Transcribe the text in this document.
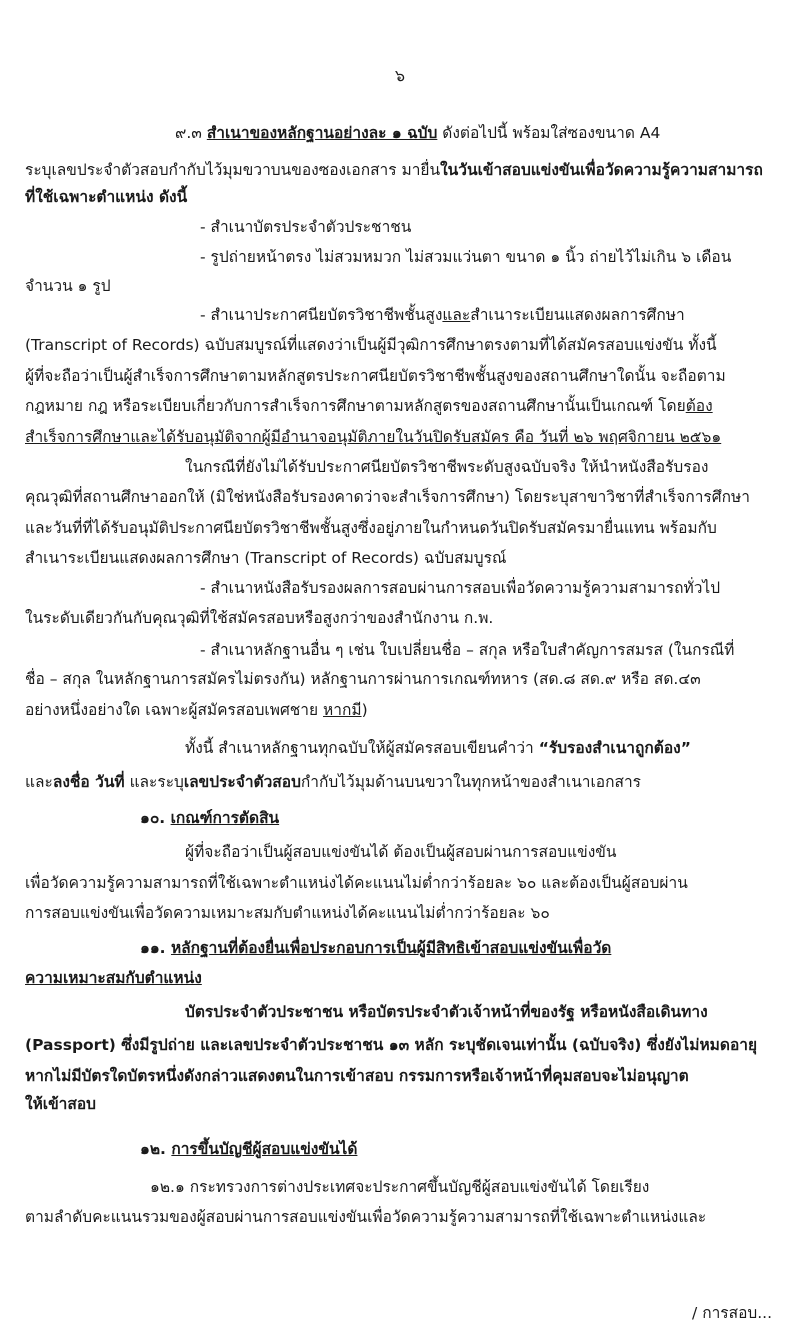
๖
๙.๓ สำเนาของหลักฐานอย่างละ ๑ ฉบับ ดังต่อไปนี้ พร้อมใส่ซองขนาด A4
ระบุเลขประจำตัวสอบกำกับไว้มุมขวาบนของซองเอกสาร มายื่นในวันเข้าสอบแข่งขันเพื่อวัดความรู้ความสามารถ
ที่ใช้เฉพาะตำแหน่ง ดังนี้
- สำเนาบัตรประจำตัวประชาชน
- รูปถ่ายหน้าตรง ไม่สวมหมวก ไม่สวมแว่นตา ขนาด ๑ นิ้ว ถ่ายไว้ไม่เกิน ๖ เดือน
จำนวน ๑ รูป
- สำเนาประกาศนียบัตรวิชาชีพชั้นสูงและสำเนาระเบียนแสดงผลการศึกษา
(Transcript of Records) ฉบับสมบูรณ์ที่แสดงว่าเป็นผู้มีวุฒิการศึกษาตรงตามที่ได้สมัครสอบแข่งขัน ทั้งนี้
ผู้ที่จะถือว่าเป็นผู้สำเร็จการศึกษาตามหลักสูตรประกาศนียบัตรวิชาชีพชั้นสูงของสถานศึกษาใดนั้น จะถือตาม
กฎหมาย กฎ หรือระเบียบเกี่ยวกับการสำเร็จการศึกษาตามหลักสูตรของสถานศึกษานั้นเป็นเกณฑ์ โดยต้อง
สำเร็จการศึกษาและได้รับอนุมัติจากผู้มีอำนาจอนุมัติภายในวันปิดรับสมัคร คือ วันที่ ๒๖ พฤศจิกายน ๒๕๖๑
ในกรณีที่ยังไม่ได้รับประกาศนียบัตรวิชาชีพระดับสูงฉบับจริง ให้นำหนังสือรับรอง
คุณวุฒิที่สถานศึกษาออกให้ (มิใช่หนังสือรับรองคาดว่าจะสำเร็จการศึกษา) โดยระบุสาขาวิชาที่สำเร็จการศึกษา
และวันที่ที่ได้รับอนุมัติประกาศนียบัตรวิชาชีพชั้นสูงซึ่งอยู่ภายในกำหนดวันปิดรับสมัครมายื่นแทน พร้อมกับ
สำเนาระเบียนแสดงผลการศึกษา (Transcript of Records) ฉบับสมบูรณ์
- สำเนาหนังสือรับรองผลการสอบผ่านการสอบเพื่อวัดความรู้ความสามารถทั่วไป
ในระดับเดียวกันกับคุณวุฒิที่ใช้สมัครสอบหรือสูงกว่าของสำนักงาน ก.พ.
- สำเนาหลักฐานอื่น ๆ เช่น ใบเปลี่ยนชื่อ – สกุล หรือใบสำคัญการสมรส (ในกรณีที่
ชื่อ – สกุล ในหลักฐานการสมัครไม่ตรงกัน) หลักฐานการผ่านการเกณฑ์ทหาร (สด.๘ สด.๙ หรือ สด.๔๓
อย่างหนึ่งอย่างใด เฉพาะผู้สมัครสอบเพศชาย หากมี)
ทั้งนี้ สำเนาหลักฐานทุกฉบับให้ผู้สมัครสอบเขียนคำว่า “รับรองสำเนาถูกต้อง”
และลงชื่อ วันที่ และระบุเลขประจำตัวสอบกำกับไว้มุมด้านบนขวาในทุกหน้าของสำเนาเอกสาร
๑๐. เกณฑ์การตัดสิน
ผู้ที่จะถือว่าเป็นผู้สอบแข่งขันได้ ต้องเป็นผู้สอบผ่านการสอบแข่งขัน
เพื่อวัดความรู้ความสามารถที่ใช้เฉพาะตำแหน่งได้คะแนนไม่ต่ำกว่าร้อยละ ๖๐ และต้องเป็นผู้สอบผ่าน
การสอบแข่งขันเพื่อวัดความเหมาะสมกับตำแหน่งได้คะแนนไม่ต่ำกว่าร้อยละ ๖๐
๑๑. หลักฐานที่ต้องยื่นเพื่อประกอบการเป็นผู้มีสิทธิเข้าสอบแข่งขันเพื่อวัด
ความเหมาะสมกับตำแหน่ง
บัตรประจำตัวประชาชน หรือบัตรประจำตัวเจ้าหน้าที่ของรัฐ หรือหนังสือเดินทาง
(Passport) ซึ่งมีรูปถ่าย และเลขประจำตัวประชาชน ๑๓ หลัก ระบุชัดเจนเท่านั้น (ฉบับจริง) ซึ่งยังไม่หมดอายุ
หากไม่มีบัตรใดบัตรหนึ่งดังกล่าวแสดงตนในการเข้าสอบ กรรมการหรือเจ้าหน้าที่คุมสอบจะไม่อนุญาต
ให้เข้าสอบ
๑๒. การขึ้นบัญชีผู้สอบแข่งขันได้
๑๒.๑ กระทรวงการต่างประเทศจะประกาศขึ้นบัญชีผู้สอบแข่งขันได้ โดยเรียง
ตามลำดับคะแนนรวมของผู้สอบผ่านการสอบแข่งขันเพื่อวัดความรู้ความสามารถที่ใช้เฉพาะตำแหน่งและ
/ การสอบ...
